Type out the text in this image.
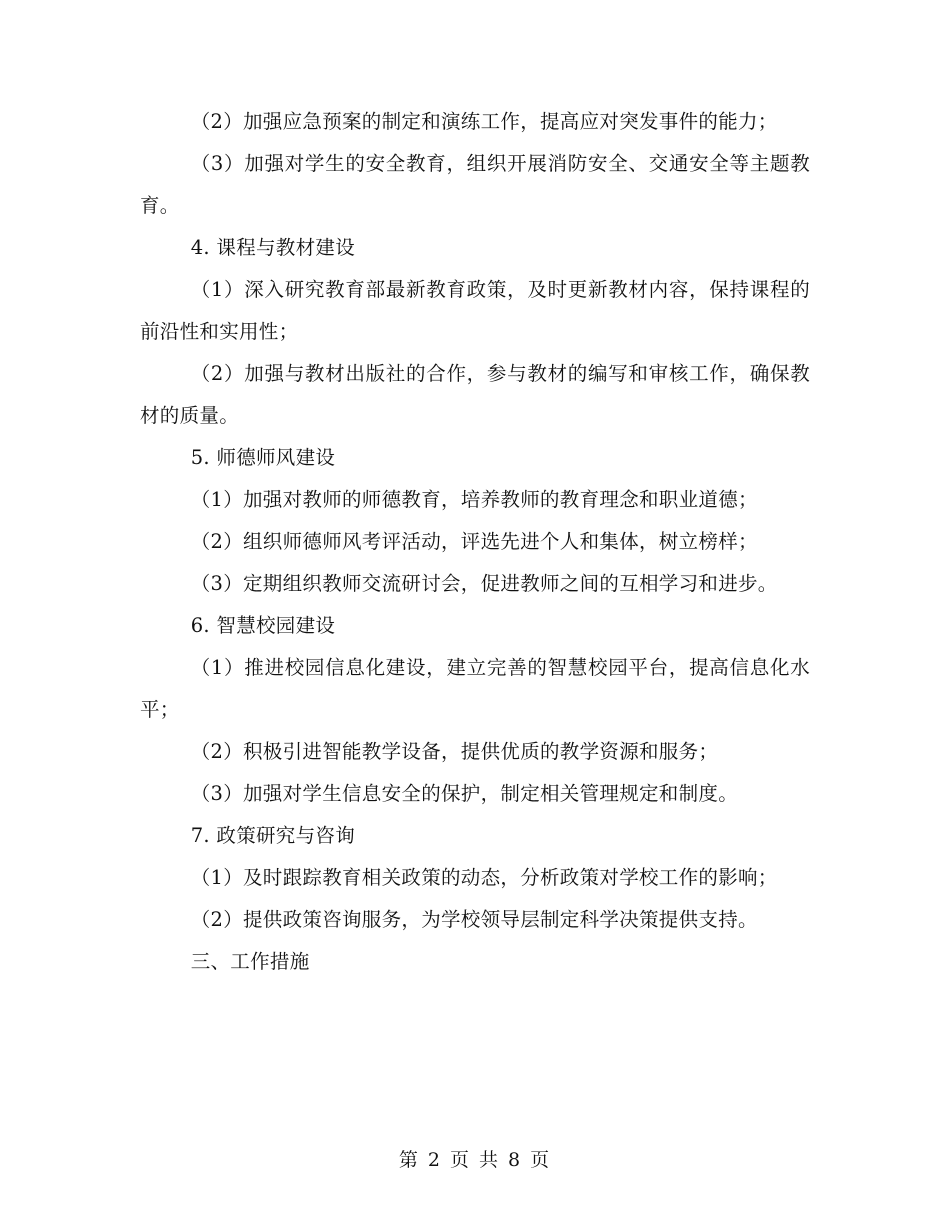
（2）加强应急预案的制定和演练工作，提高应对突发事件的能力；

（3）加强对学生的安全教育，组织开展消防安全、交通安全等主题教育。

4. 课程与教材建设

（1）深入研究教育部最新教育政策，及时更新教材内容，保持课程的前沿性和实用性；

（2）加强与教材出版社的合作，参与教材的编写和审核工作，确保教材的质量。

5. 师德师风建设

（1）加强对教师的师德教育，培养教师的教育理念和职业道德；

（2）组织师德师风考评活动，评选先进个人和集体，树立榜样；

（3）定期组织教师交流研讨会，促进教师之间的互相学习和进步。

6. 智慧校园建设

（1）推进校园信息化建设，建立完善的智慧校园平台，提高信息化水平；

（2）积极引进智能教学设备，提供优质的教学资源和服务；

（3）加强对学生信息安全的保护，制定相关管理规定和制度。

7. 政策研究与咨询

（1）及时跟踪教育相关政策的动态，分析政策对学校工作的影响；

（2）提供政策咨询服务，为学校领导层制定科学决策提供支持。

三、工作措施

第 2 页 共 8 页
